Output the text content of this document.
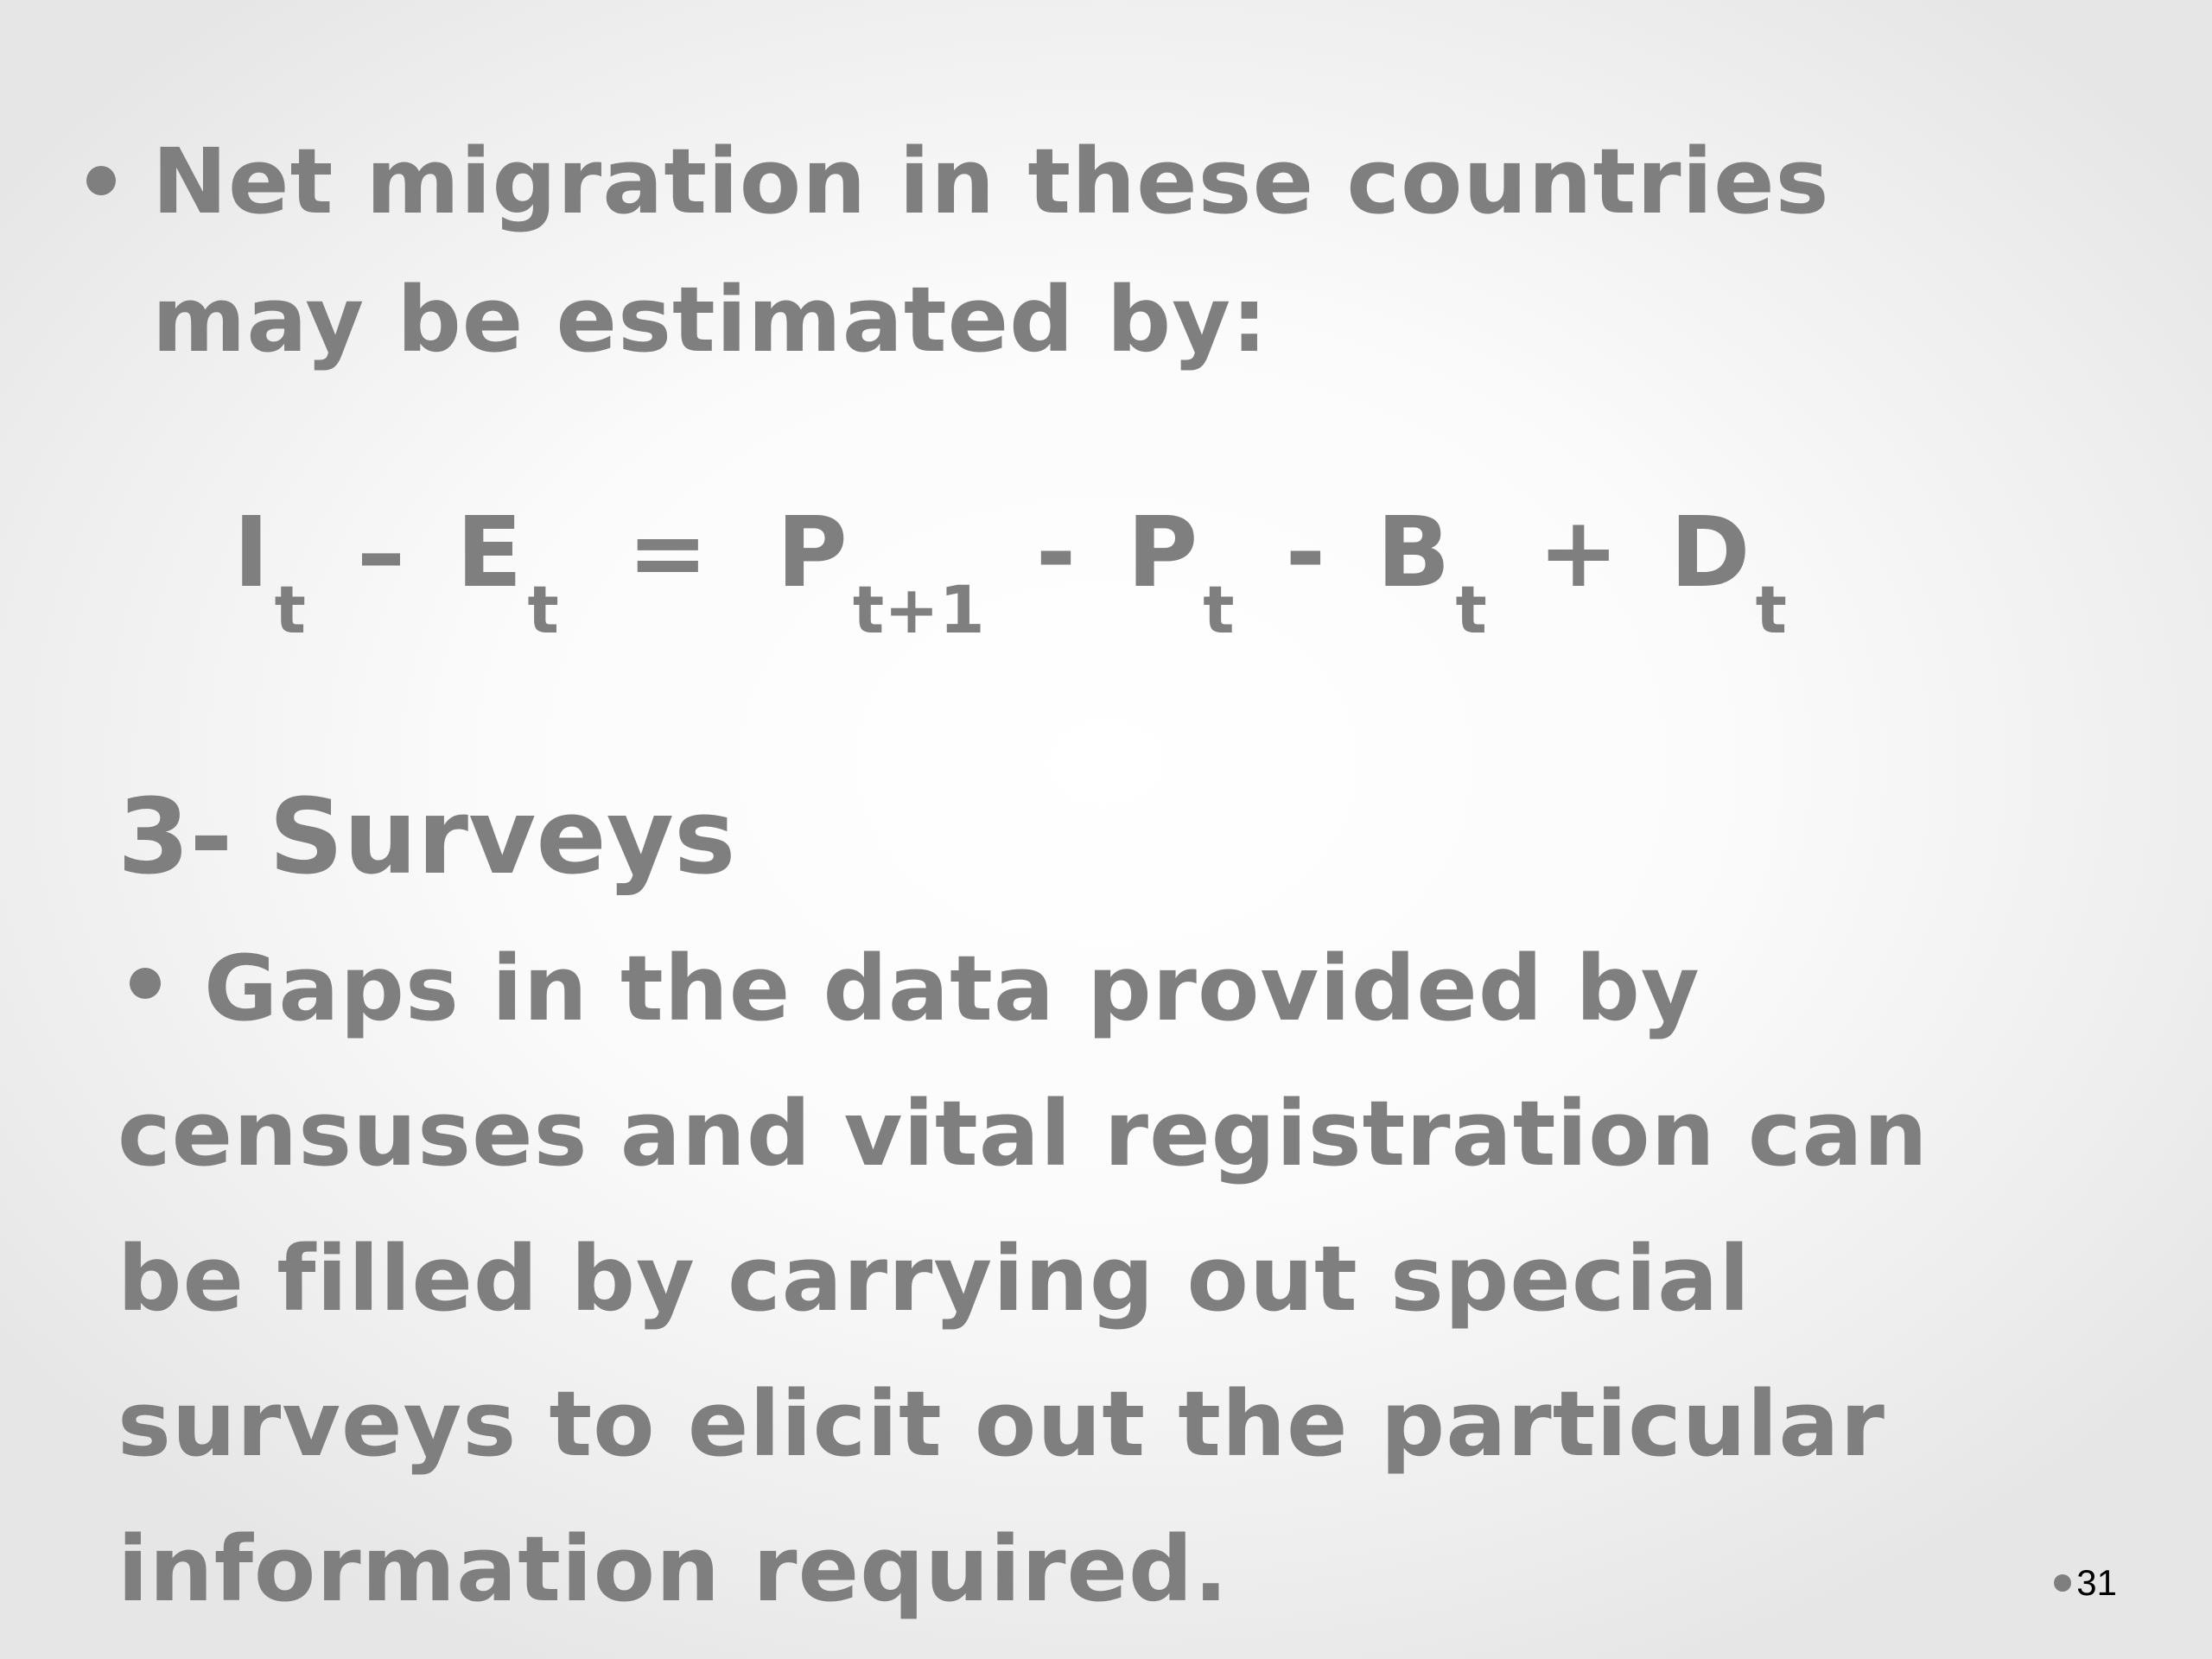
Net migration in these countries
may be estimated by:
$I_t - E_t = P_{t+1} - P_t - B_t + D_t$
3- Surveys
Gaps in the data provided by
censuses and vital registration can
be filled by carrying out special
surveys to elicit out the particular
information required.	31
